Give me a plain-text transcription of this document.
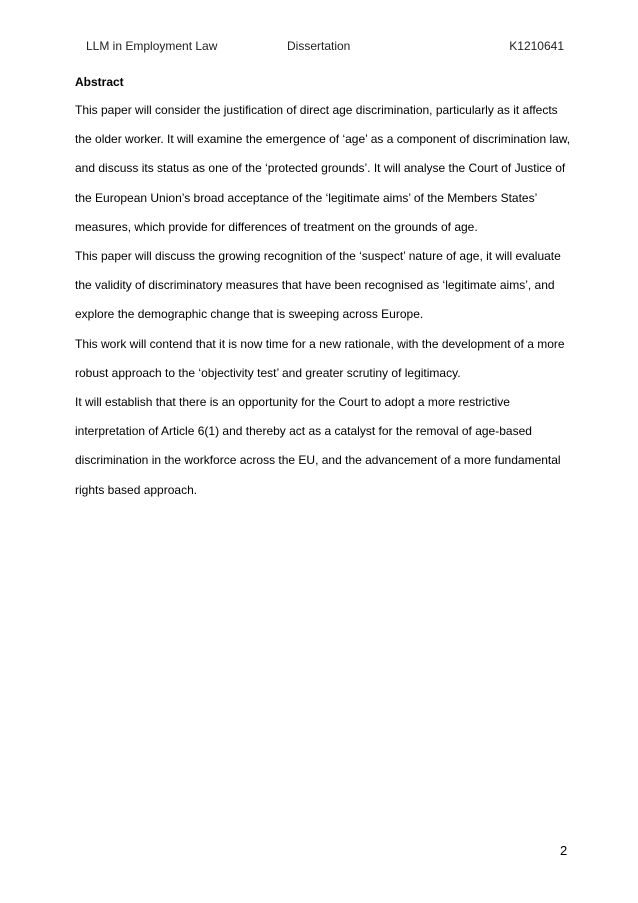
LLM in Employment Law	Dissertation	K1210641
Abstract

This paper will consider the justification of direct age discrimination, particularly as it affects the older worker. It will examine the emergence of ‘age’ as a component of discrimination law, and discuss its status as one of the ‘protected grounds’. It will analyse the Court of Justice of the European Union’s broad acceptance of the ‘legitimate aims’ of the Members States’ measures, which provide for differences of treatment on the grounds of age.

This paper will discuss the growing recognition of the ‘suspect’ nature of age, it will evaluate the validity of discriminatory measures that have been recognised as ‘legitimate aims’, and explore the demographic change that is sweeping across Europe.

This work will contend that it is now time for a new rationale, with the development of a more robust approach to the ‘objectivity test’ and greater scrutiny of legitimacy.

It will establish that there is an opportunity for the Court to adopt a more restrictive interpretation of Article 6(1) and thereby act as a catalyst for the removal of age-based discrimination in the workforce across the EU, and the advancement of a more fundamental rights based approach.

2
